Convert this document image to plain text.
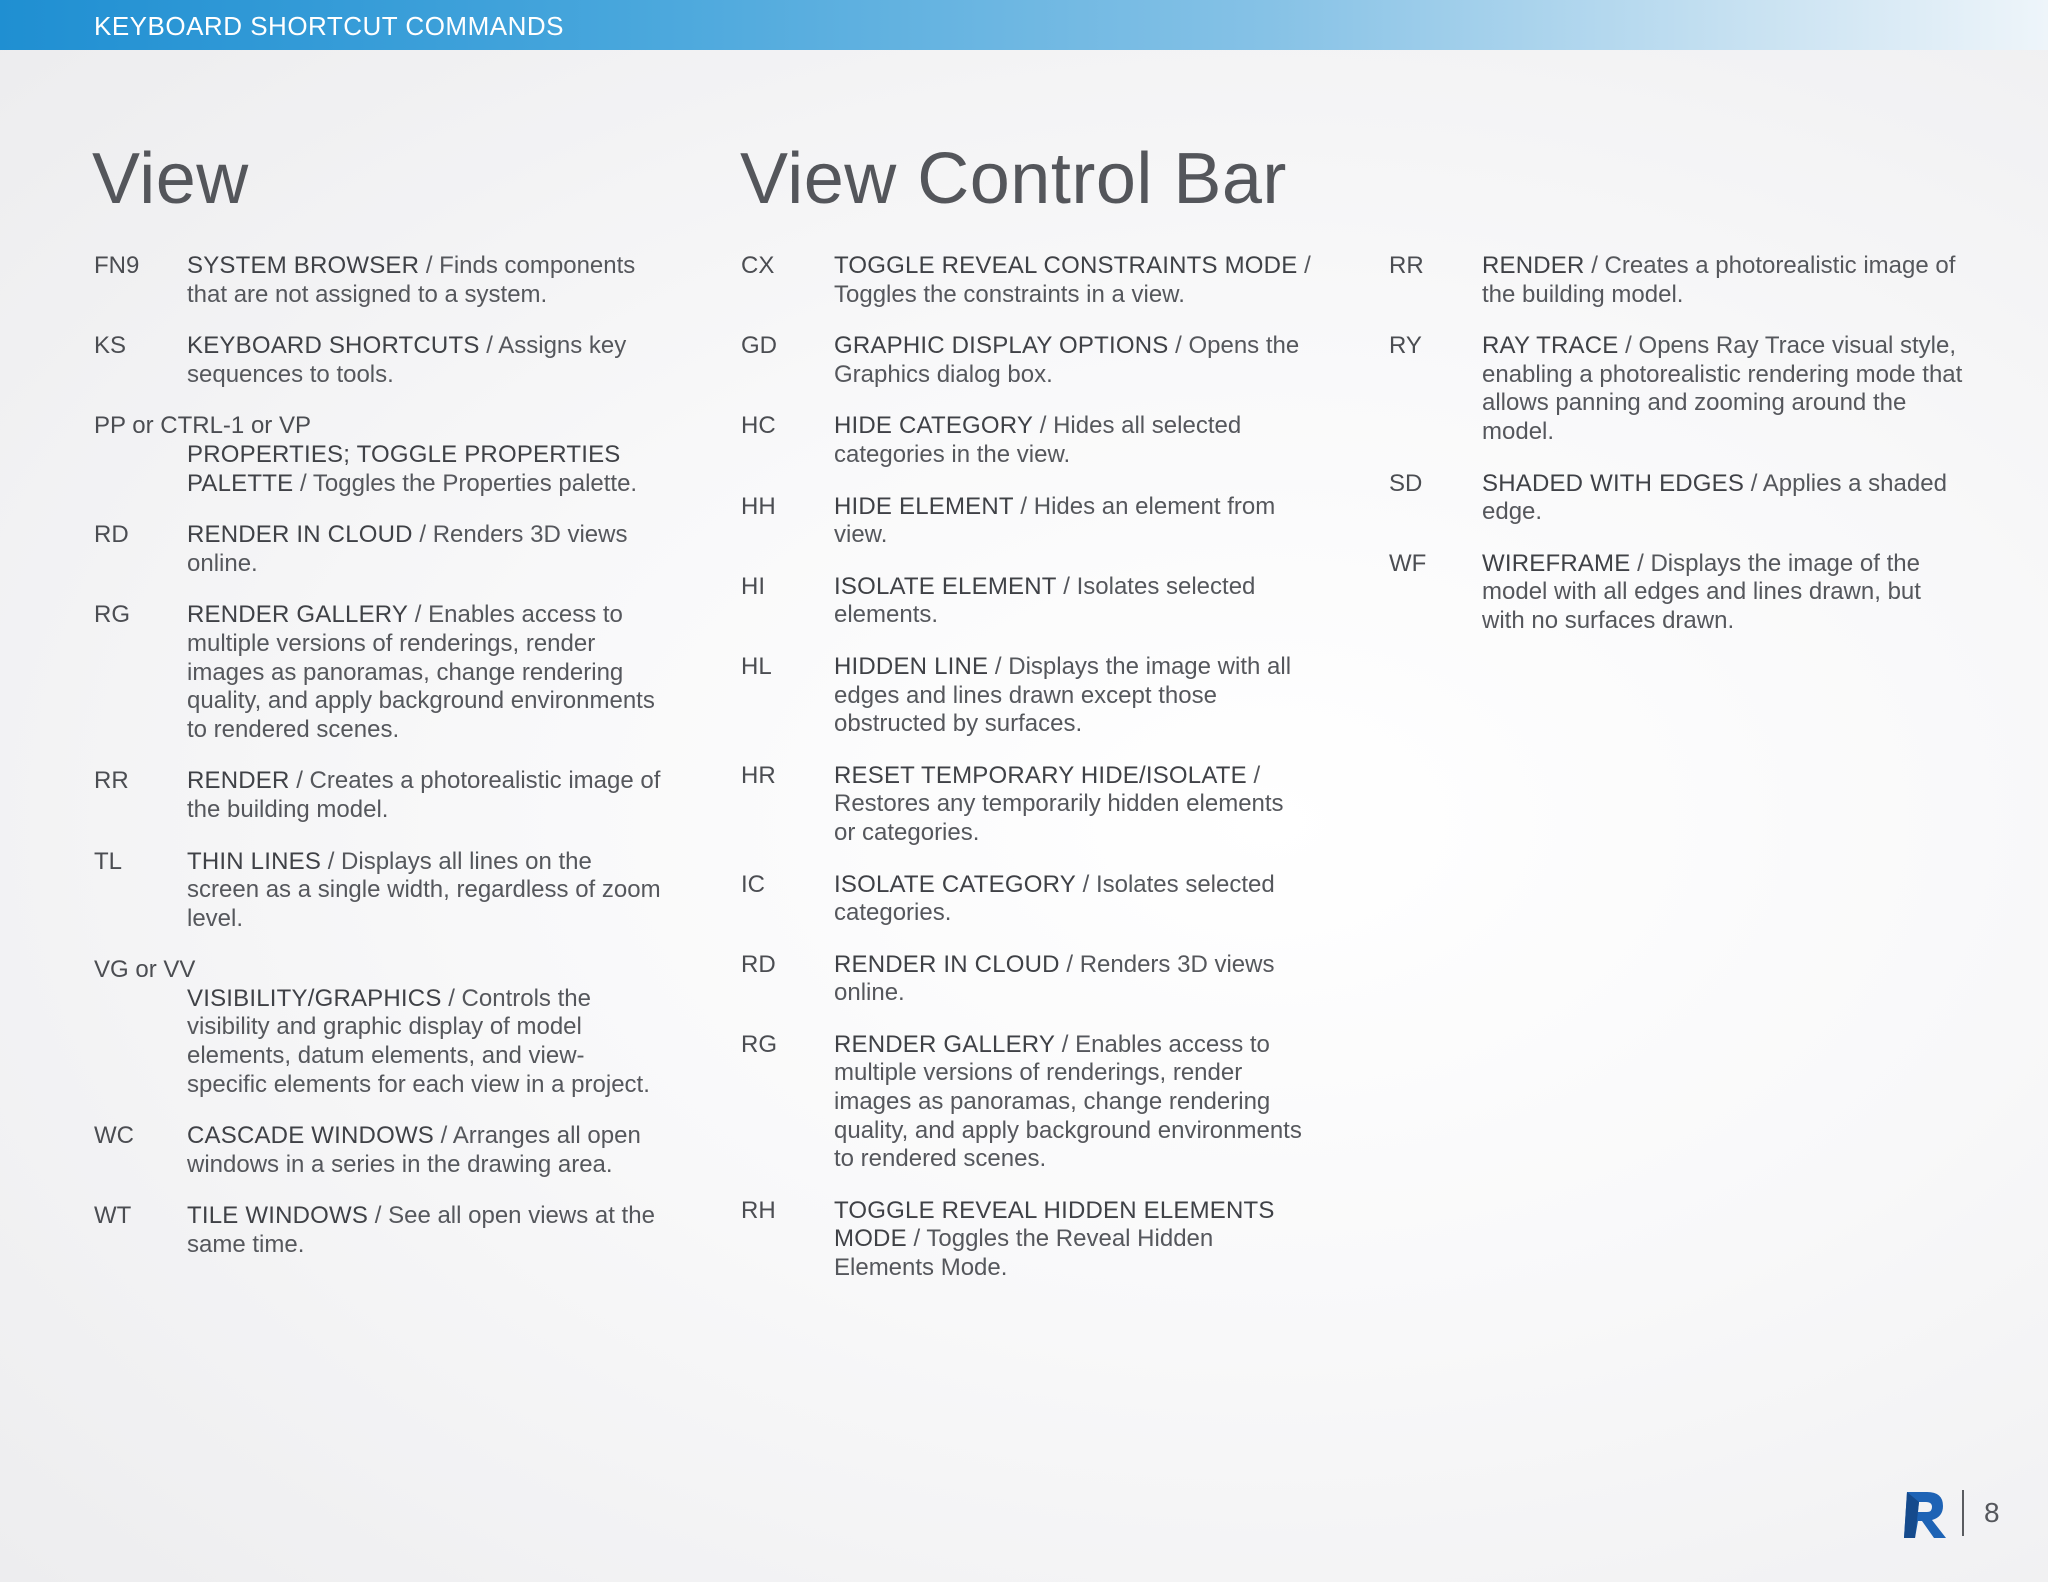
KEYBOARD SHORTCUT COMMANDS
View	View Control Bar
FN9 SYSTEM BROWSER / Finds components that are not assigned to a system.
KS	KEYBOARD SHORTCUTS / Assigns key sequences to tools.
PP or CTRL-1 or VP
PROPERTIES; TOGGLE PROPERTIES PALETTE / Toggles the Properties palette.
RD RENDER IN CLOUD / Renders 3D views online.
RG RENDER GALLERY / Enables access to multiple versions of renderings, render images as panoramas, change rendering quality, and apply background environments to rendered scenes.
RR RENDER / Creates a photorealistic image of the building model.
TL	THIN LINES / Displays all lines on the screen as a single width, regardless of zoom level.
VG or VV
VISIBILITY/GRAPHICS / Controls the visibility and graphic display of model elements, datum elements, and view-specific elements for each view in a project.
WC CASCADE WINDOWS / Arranges all open windows in a series in the drawing area.
WT TILE WINDOWS / See all open views at the same time.
CX TOGGLE REVEAL CONSTRAINTS MODE / Toggles the constraints in a view.
GD GRAPHIC DISPLAY OPTIONS / Opens the Graphics dialog box.
HC HIDE CATEGORY / Hides all selected categories in the view.
HH HIDE ELEMENT / Hides an element from view.
HI	ISOLATE ELEMENT / Isolates selected elements.
HL	HIDDEN LINE / Displays the image with all edges and lines drawn except those obstructed by surfaces.
HR RESET TEMPORARY HIDE/ISOLATE / Restores any temporarily hidden elements or categories.
IC	ISOLATE CATEGORY / Isolates selected categories.
RD RENDER IN CLOUD / Renders 3D views online.
RG RENDER GALLERY / Enables access to multiple versions of renderings, render images as panoramas, change rendering quality, and apply background environments to rendered scenes.
RH TOGGLE REVEAL HIDDEN ELEMENTS MODE / Toggles the Reveal Hidden Elements Mode.
RR RENDER / Creates a photorealistic image of the building model.
RY	RAY TRACE / Opens Ray Trace visual style, enabling a photorealistic rendering mode that allows panning and zooming around the model.
SD SHADED WITH EDGES / Applies a shaded edge.
WF WIREFRAME / Displays the image of the model with all edges and lines drawn, but with no surfaces drawn.
8
